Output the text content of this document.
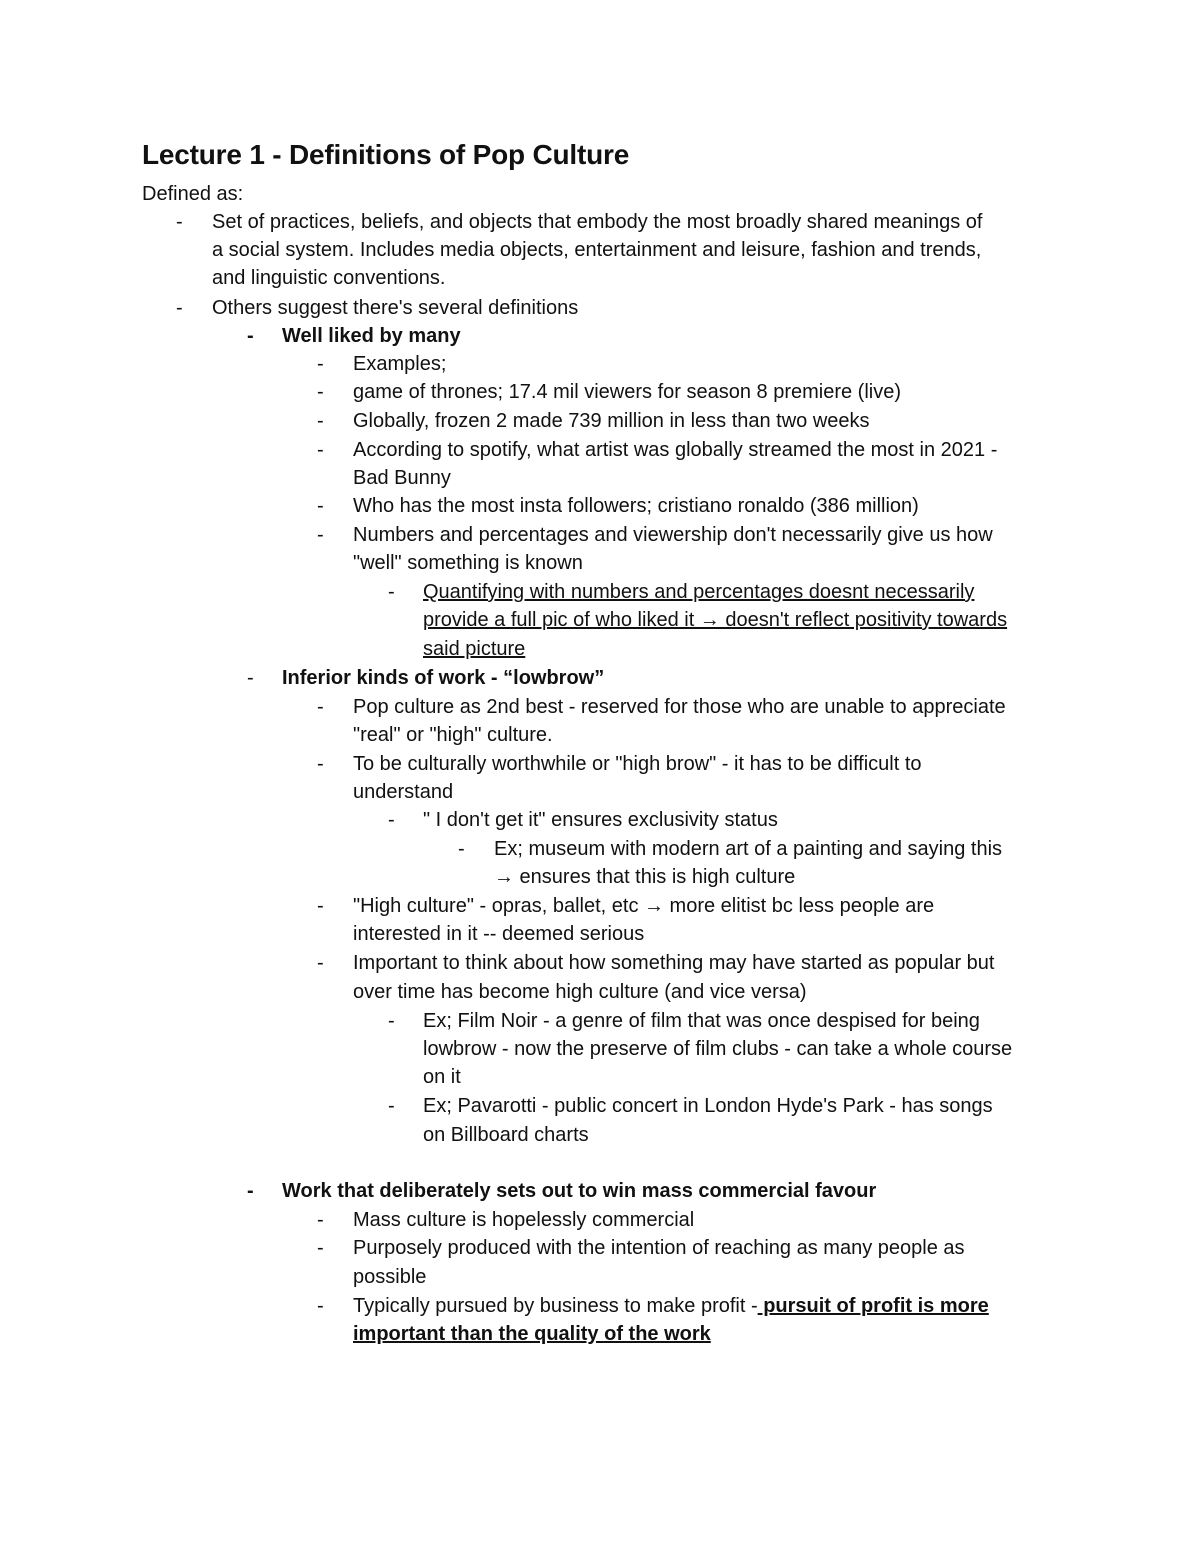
Lecture 1 - Definitions of Pop Culture
Defined as:
- Set of practices, beliefs, and objects that embody the most broadly shared meanings of
a social system. Includes media objects, entertainment and leisure, fashion and trends,
and linguistic conventions.
- Others suggest there's several definitions
- Well liked by many
- Examples;
- game of thrones; 17.4 mil viewers for season 8 premiere (live)
- Globally, frozen 2 made 739 million in less than two weeks
- According to spotify, what artist was globally streamed the most in 2021 -
Bad Bunny
- Who has the most insta followers; cristiano ronaldo (386 million)
- Numbers and percentages and viewership don't necessarily give us how
"well" something is known
- Quantifying with numbers and percentages doesnt necessarily
provide a full pic of who liked it → doesn't reflect positivity towards
said picture
- Inferior kinds of work - “lowbrow”
- Pop culture as 2nd best - reserved for those who are unable to appreciate
"real" or "high" culture.
- To be culturally worthwhile or "high brow" - it has to be difficult to
understand
- " I don't get it" ensures exclusivity status
- Ex; museum with modern art of a painting and saying this
→ ensures that this is high culture
- "High culture" - opras, ballet, etc → more elitist bc less people are
interested in it -- deemed serious
- Important to think about how something may have started as popular but
over time has become high culture (and vice versa)
- Ex; Film Noir - a genre of film that was once despised for being
lowbrow - now the preserve of film clubs - can take a whole course
on it
- Ex; Pavarotti - public concert in London Hyde's Park - has songs
on Billboard charts
- Work that deliberately sets out to win mass commercial favour
- Mass culture is hopelessly commercial
- Purposely produced with the intention of reaching as many people as
possible
- Typically pursued by business to make profit - pursuit of profit is more
important than the quality of the work
